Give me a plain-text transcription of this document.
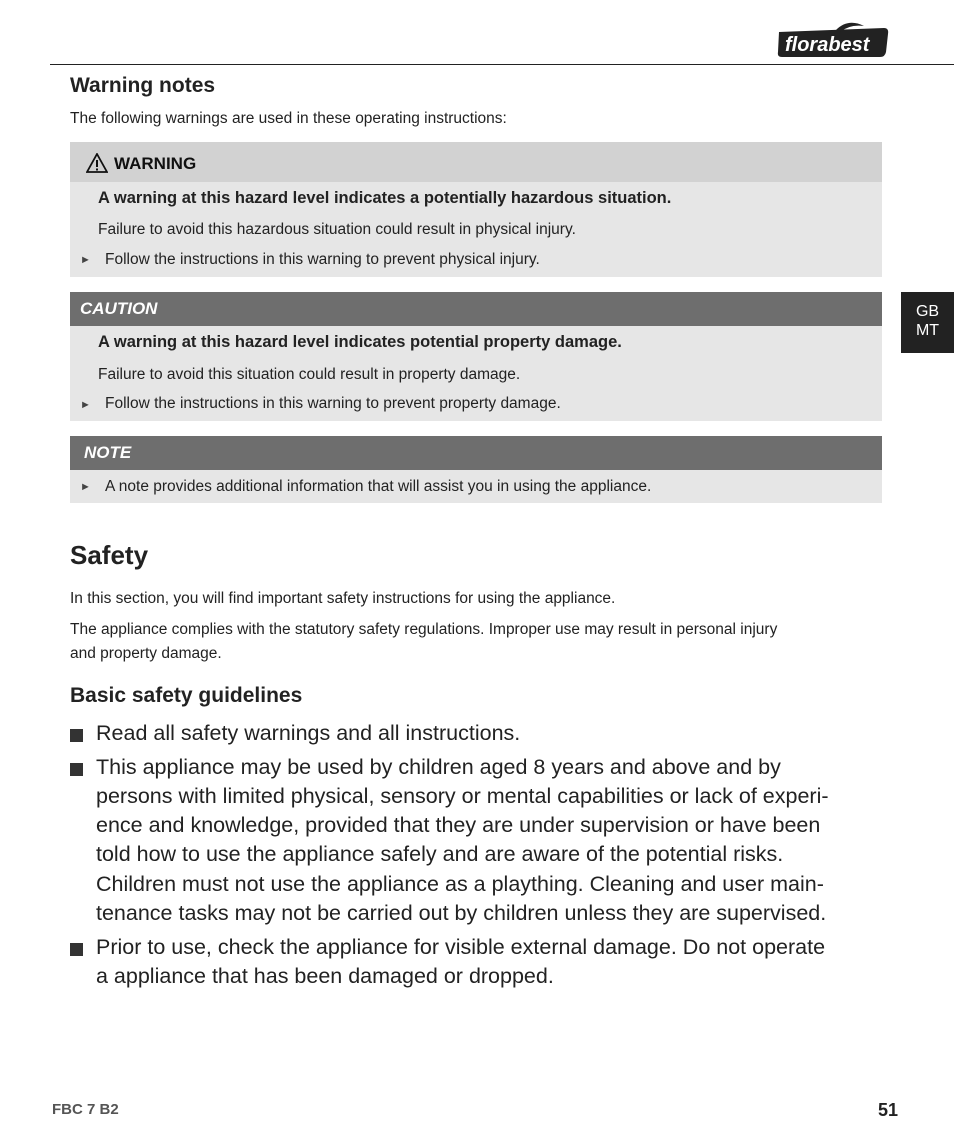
florabest
GB
MT
Warning notes
The following warnings are used in these operating instructions:
WARNING
A warning at this hazard level indicates a potentially hazardous situation.
Failure to avoid this hazardous situation could result in physical injury.
► Follow the instructions in this warning to prevent physical injury.
CAUTION
A warning at this hazard level indicates potential property damage.
Failure to avoid this situation could result in property damage.
► Follow the instructions in this warning to prevent property damage.
NOTE
► A note provides additional information that will assist you in using the appliance.
Safety
In this section, you will find important safety instructions for using the appliance.
The appliance complies with the statutory safety regulations. Improper use may result in personal injury
and property damage.
Basic safety guidelines
Read all safety warnings and all instructions.
This appliance may be used by children aged 8 years and above and by
persons with limited physical, sensory or mental capabilities or lack of experi-
ence and knowledge, provided that they are under supervision or have been
told how to use the appliance safely and are aware of the potential risks.
Children must not use the appliance as a plaything. Cleaning and user main-
tenance tasks may not be carried out by children unless they are supervised.
Prior to use, check the appliance for visible external damage. Do not operate
a appliance that has been damaged or dropped.
FBC 7 B2	51
